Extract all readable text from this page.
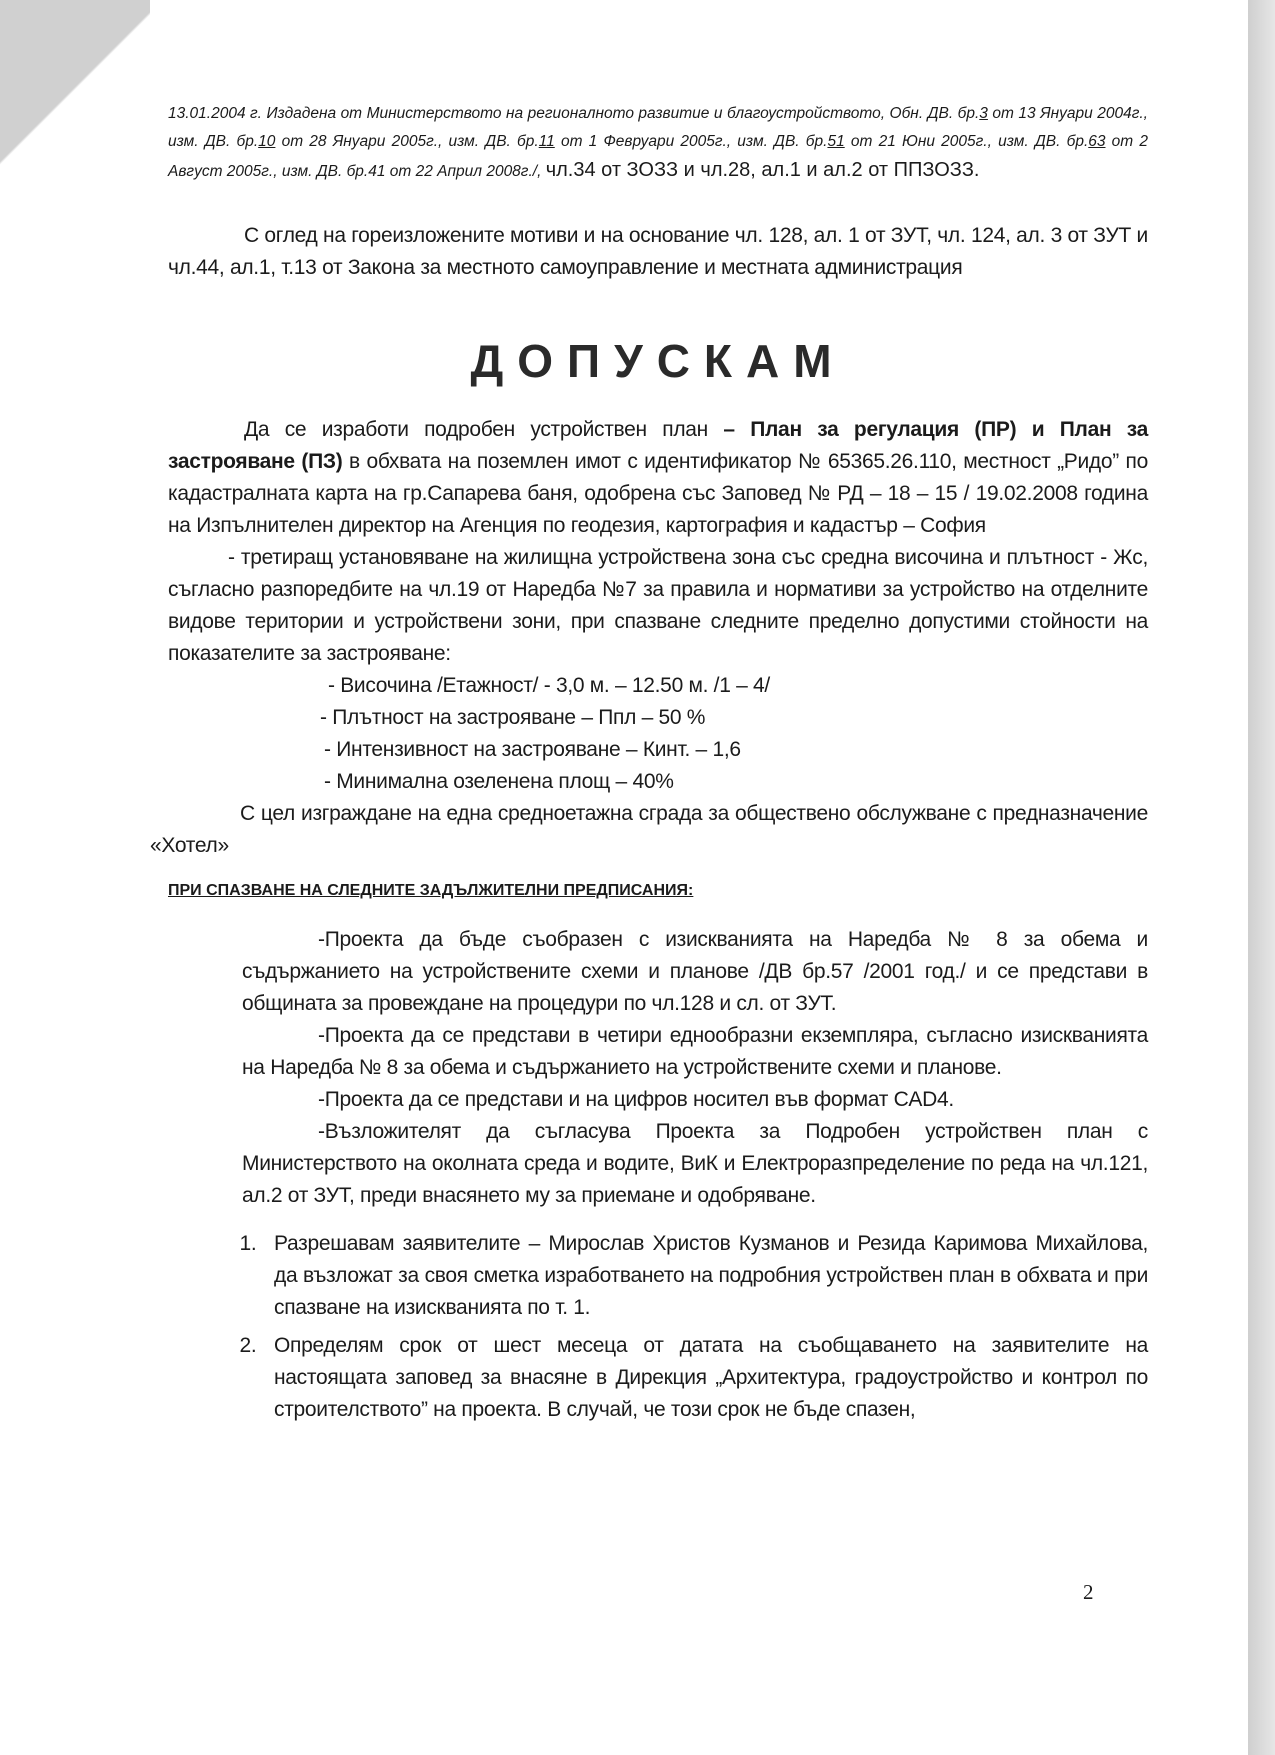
13.01.2004 г. Издадена от Министерството на регионалното развитие и благоустройството, Обн. ДВ. бр.3 от 13 Януари 2004г., изм. ДВ. бр.10 от 28 Януари 2005г., изм. ДВ. бр.11 от 1 Февруари 2005г., изм. ДВ. бр.51 от 21 Юни 2005г., изм. ДВ. бр.63 от 2 Август 2005г., изм. ДВ. бр.41 от 22 Април 2008г./, чл.34 от ЗОЗЗ и чл.28, ал.1 и ал.2 от ППЗОЗЗ.

С оглед на гореизложените мотиви и на основание чл. 128, ал. 1 от ЗУТ, чл. 124, ал. 3 от ЗУТ и чл.44, ал.1, т.13 от Закона за местното самоуправление и местната администрация

ДОПУСКАМ

Да се изработи подробен устройствен план – План за регулация (ПР) и План за застрояване (ПЗ) в обхвата на поземлен имот с идентификатор № 65365.26.110, местност „Ридо” по кадастралната карта на гр.Сапарева баня, одобрена със Заповед № РД – 18 – 15 / 19.02.2008 година на Изпълнителен директор на Агенция по геодезия, картография и кадастър – София

- третиращ установяване на жилищна устройствена зона със средна височина и плътност - Жс, съгласно разпоредбите на чл.19 от Наредба №7 за правила и нормативи за устройство на отделните видове територии и устройствени зони, при спазване следните пределно допустими стойности на показателите за застрояване:

- Височина /Етажност/ - 3,0 м. – 12.50 м. /1 – 4/

- Плътност на застрояване – Ппл – 50 %

- Интензивност на застрояване – Кинт. – 1,6

- Минимална озеленена площ – 40%

С цел изграждане на една средноетажна сграда за обществено обслужване с предназначение «Хотел»

ПРИ СПАЗВАНЕ НА СЛЕДНИТЕ ЗАДЪЛЖИТЕЛНИ ПРЕДПИСАНИЯ:

-Проекта да бъде съобразен с изискванията на Наредба № 8 за обема и съдържанието на устройствените схеми и планове /ДВ бр.57 /2001 год./ и се представи в общината за провеждане на процедури по чл.128 и сл. от ЗУТ.

-Проекта да се представи в четири еднообразни екземпляра, съгласно изискванията на Наредба № 8 за обема и съдържанието на устройствените схеми и планове.

-Проекта да се представи и на цифров носител във формат CAD4.

-Възложителят да съгласува Проекта за Подробен устройствен план с Министерството на околната среда и водите, ВиК и Електроразпределение по реда на чл.121, ал.2 от ЗУТ, преди внасянето му за приемане и одобряване.

1. Разрешавам заявителите – Мирослав Христов Кузманов и Резида Каримова Михайлова, да възложат за своя сметка изработването на подробния устройствен план в обхвата и при спазване на изискванията по т. 1.
2. Определям срок от шест месеца от датата на съобщаването на заявителите на настоящата заповед за внасяне в Дирекция „Архитектура, градоустройство и контрол по строителството” на проекта. В случай, че този срок не бъде спазен,
2
